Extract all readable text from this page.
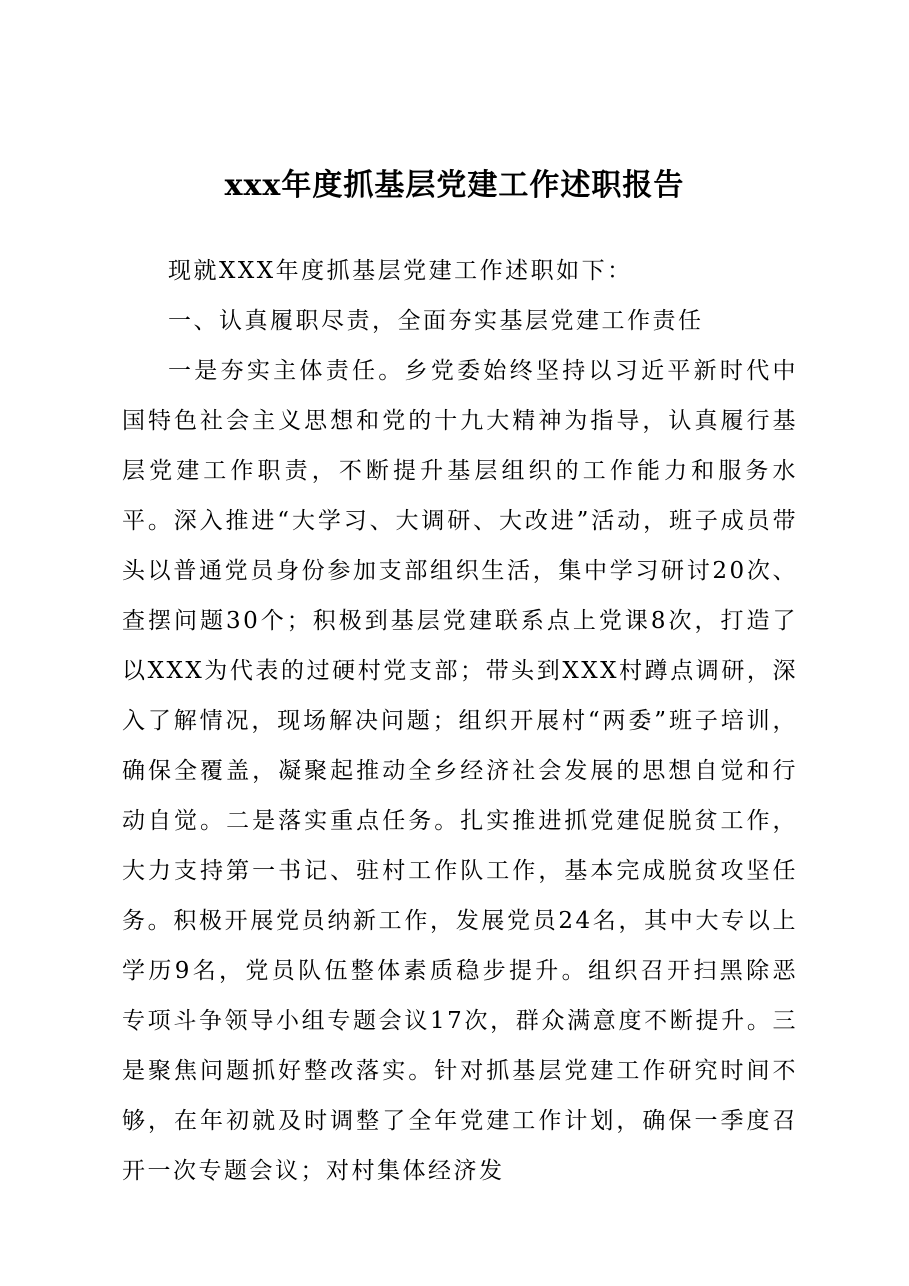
xxx年度抓基层党建工作述职报告

现就XXX年度抓基层党建工作述职如下：

一、认真履职尽责，全面夯实基层党建工作责任

一是夯实主体责任。乡党委始终坚持以习近平新时代中国特色社会主义思想和党的十九大精神为指导，认真履行基层党建工作职责，不断提升基层组织的工作能力和服务水平。深入推进“大学习、大调研、大改进”活动，班子成员带头以普通党员身份参加支部组织生活，集中学习研讨20次、查摆问题30个；积极到基层党建联系点上党课8次，打造了以XXX为代表的过硬村党支部；带头到XXX村蹲点调研，深入了解情况，现场解决问题；组织开展村“两委”班子培训，确保全覆盖，凝聚起推动全乡经济社会发展的思想自觉和行动自觉。二是落实重点任务。扎实推进抓党建促脱贫工作，大力支持第一书记、驻村工作队工作，基本完成脱贫攻坚任务。积极开展党员纳新工作，发展党员24名，其中大专以上学历9名，党员队伍整体素质稳步提升。组织召开扫黑除恶专项斗争领导小组专题会议17次，群众满意度不断提升。三是聚焦问题抓好整改落实。针对抓基层党建工作研究时间不够，在年初就及时调整了全年党建工作计划，确保一季度召开一次专题会议；对村集体经济发
